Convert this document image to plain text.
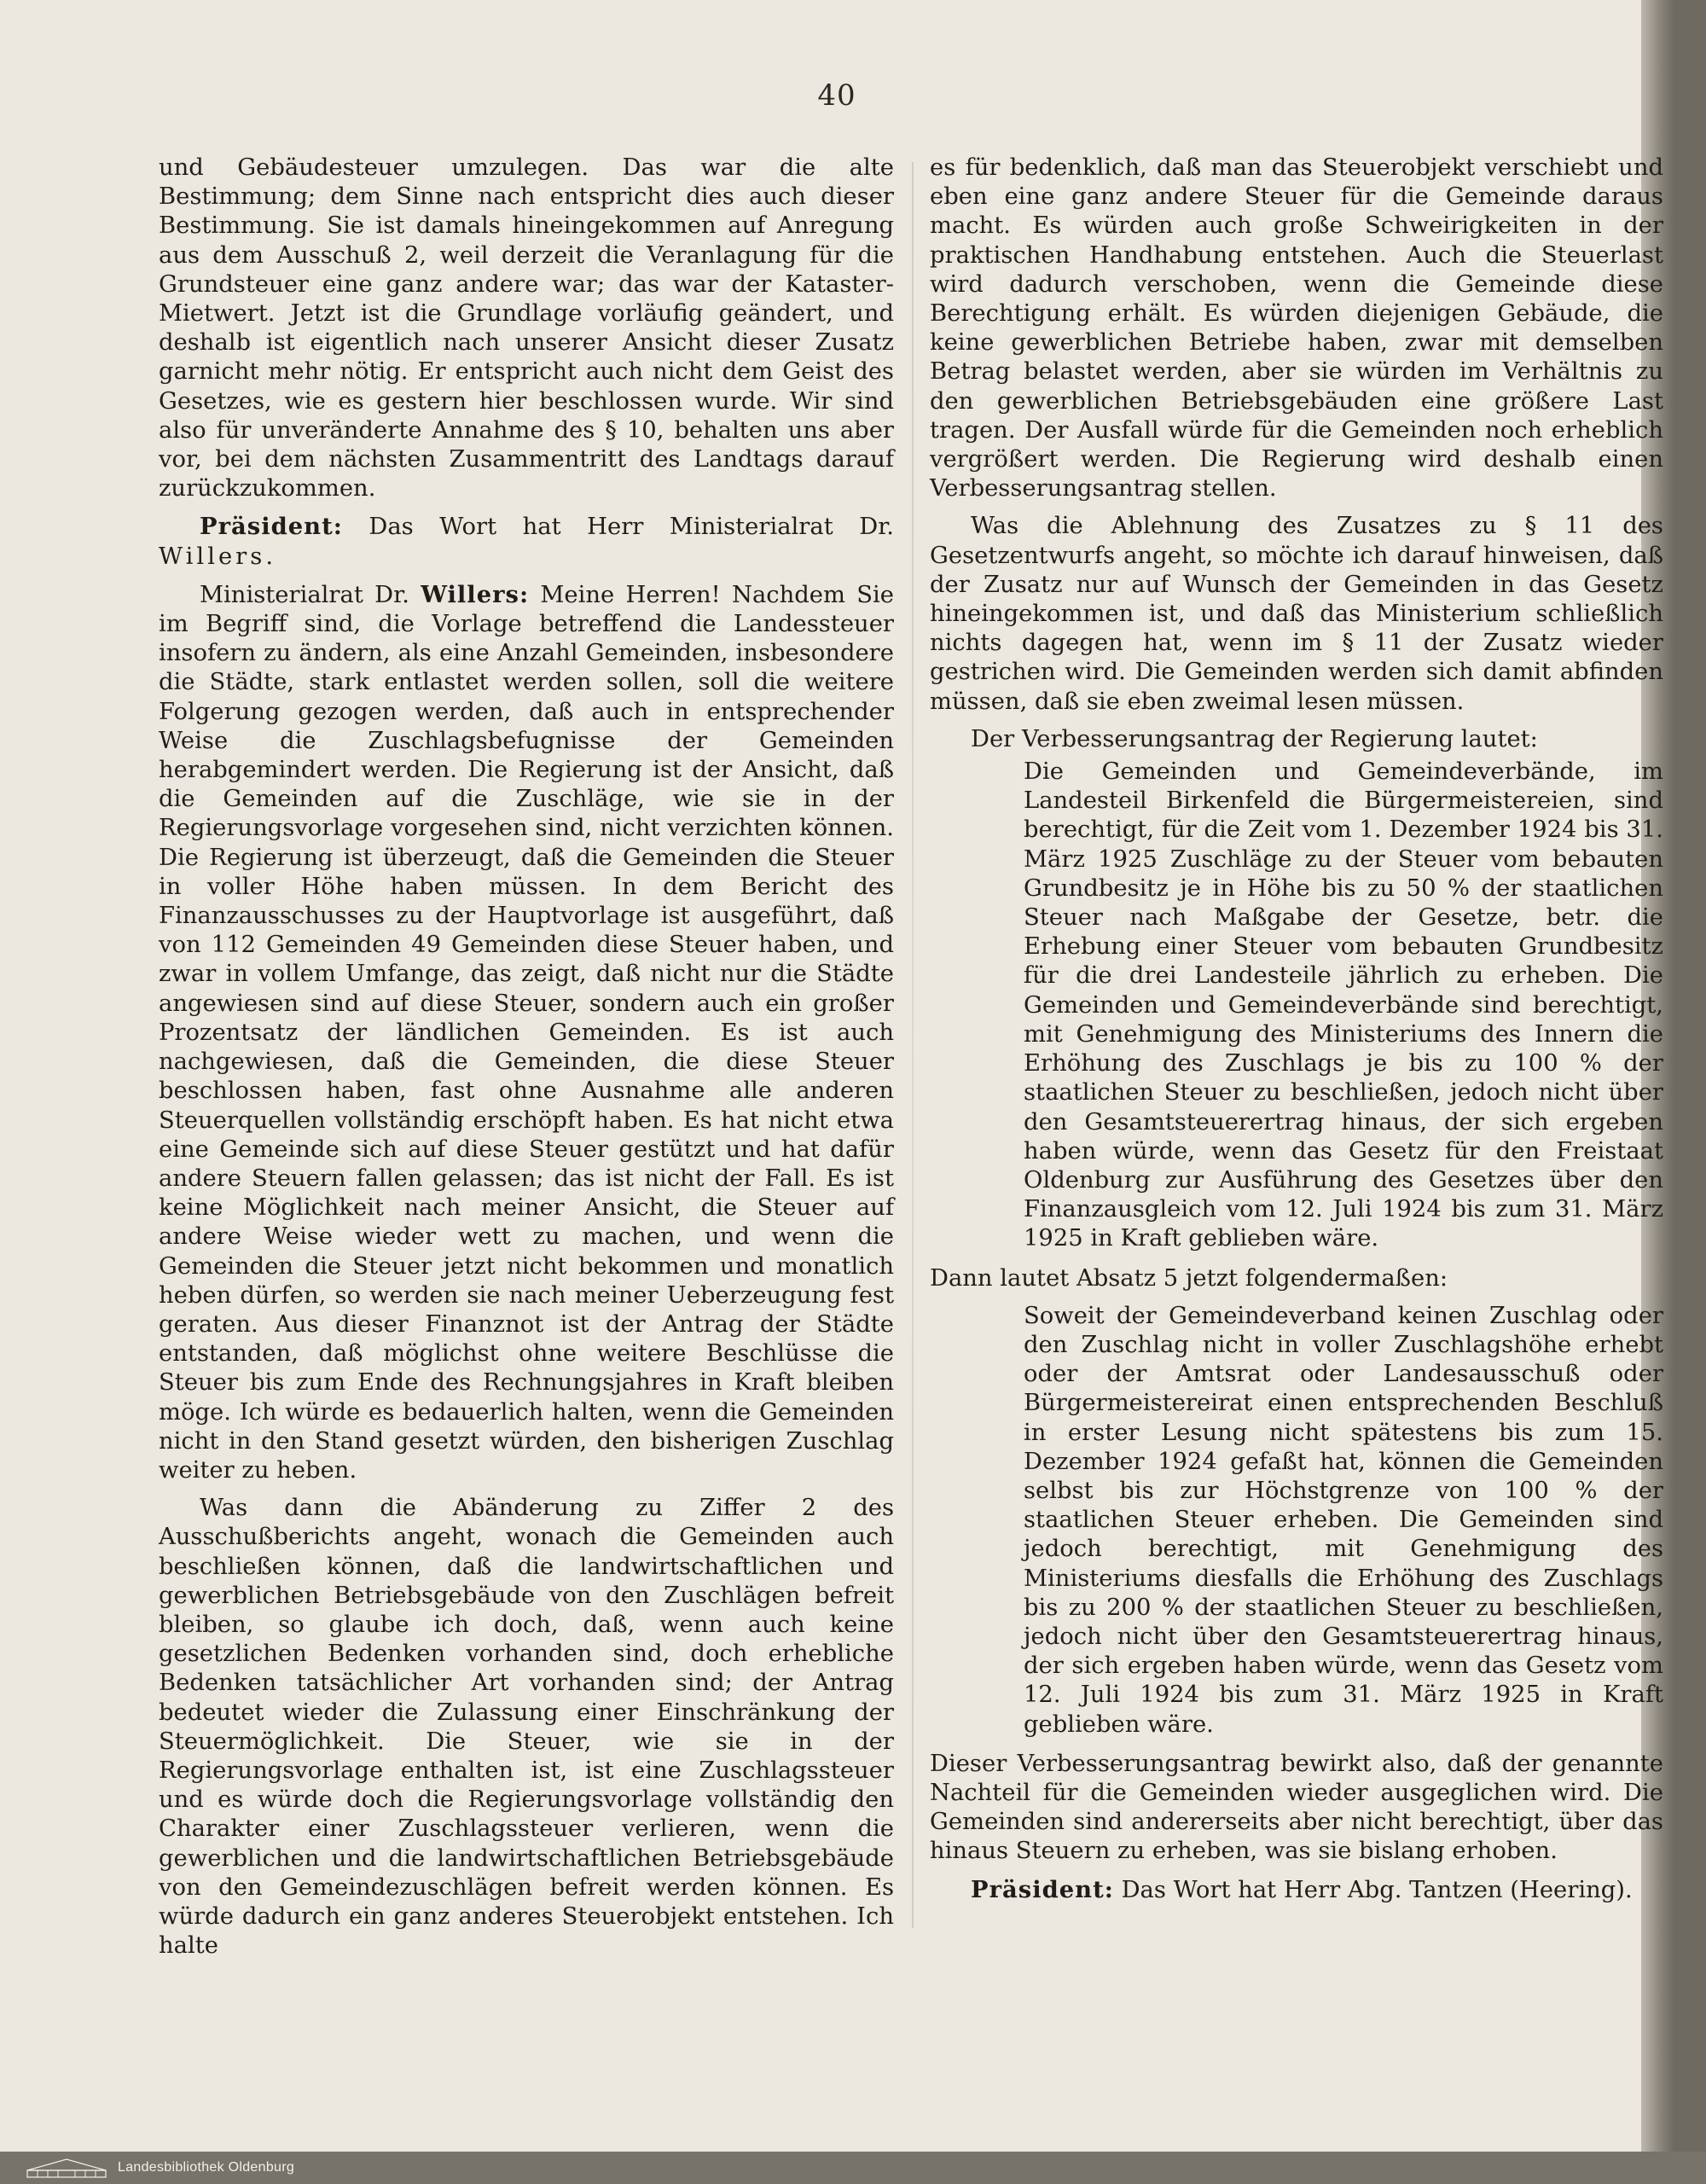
40

und Gebäudesteuer umzulegen. Das war die alte Bestimmung; dem Sinne nach entspricht dies auch dieser Bestimmung. Sie ist damals hineingekommen auf Anregung aus dem Ausschuß 2, weil derzeit die Veranlagung für die Grundsteuer eine ganz andere war; das war der Kataster-Mietwert. Jetzt ist die Grundlage vorläufig geändert, und deshalb ist eigentlich nach unserer Ansicht dieser Zusatz garnicht mehr nötig. Er entspricht auch nicht dem Geist des Gesetzes, wie es gestern hier beschlossen wurde. Wir sind also für unveränderte Annahme des § 10, behalten uns aber vor, bei dem nächsten Zusammentritt des Landtags darauf zurückzukommen.

Präsident: Das Wort hat Herr Ministerialrat Dr. Willers.

Ministerialrat Dr. Willers: Meine Herren! Nachdem Sie im Begriff sind, die Vorlage betreffend die Landessteuer insofern zu ändern, als eine Anzahl Gemeinden, insbesondere die Städte, stark entlastet werden sollen, soll die weitere Folgerung gezogen werden, daß auch in entsprechender Weise die Zuschlagsbefugnisse der Gemeinden herabgemindert werden. Die Regierung ist der Ansicht, daß die Gemeinden auf die Zuschläge, wie sie in der Regierungsvorlage vorgesehen sind, nicht verzichten können. Die Regierung ist überzeugt, daß die Gemeinden die Steuer in voller Höhe haben müssen. In dem Bericht des Finanzausschusses zu der Hauptvorlage ist ausgeführt, daß von 112 Gemeinden 49 Gemeinden diese Steuer haben, und zwar in vollem Umfange, das zeigt, daß nicht nur die Städte angewiesen sind auf diese Steuer, sondern auch ein großer Prozentsatz der ländlichen Gemeinden. Es ist auch nachgewiesen, daß die Gemeinden, die diese Steuer beschlossen haben, fast ohne Ausnahme alle anderen Steuerquellen vollständig erschöpft haben. Es hat nicht etwa eine Gemeinde sich auf diese Steuer gestützt und hat dafür andere Steuern fallen gelassen; das ist nicht der Fall. Es ist keine Möglichkeit nach meiner Ansicht, die Steuer auf andere Weise wieder wett zu machen, und wenn die Gemeinden die Steuer jetzt nicht bekommen und monatlich heben dürfen, so werden sie nach meiner Ueberzeugung fest geraten. Aus dieser Finanznot ist der Antrag der Städte entstanden, daß möglichst ohne weitere Beschlüsse die Steuer bis zum Ende des Rechnungsjahres in Kraft bleiben möge. Ich würde es bedauerlich halten, wenn die Gemeinden nicht in den Stand gesetzt würden, den bisherigen Zuschlag weiter zu heben.

Was dann die Abänderung zu Ziffer 2 des Ausschußberichts angeht, wonach die Gemeinden auch beschließen können, daß die landwirtschaftlichen und gewerblichen Betriebsgebäude von den Zuschlägen befreit bleiben, so glaube ich doch, daß, wenn auch keine gesetzlichen Bedenken vorhanden sind, doch erhebliche Bedenken tatsächlicher Art vorhanden sind; der Antrag bedeutet wieder die Zulassung einer Einschränkung der Steuermöglichkeit. Die Steuer, wie sie in der Regierungsvorlage enthalten ist, ist eine Zuschlagssteuer und es würde doch die Regierungsvorlage vollständig den Charakter einer Zuschlagssteuer verlieren, wenn die gewerblichen und die landwirtschaftlichen Betriebsgebäude von den Gemeindezuschlägen befreit werden können. Es würde dadurch ein ganz anderes Steuerobjekt entstehen. Ich halte

es für bedenklich, daß man das Steuerobjekt verschiebt und eben eine ganz andere Steuer für die Gemeinde daraus macht. Es würden auch große Schweirigkeiten in der praktischen Handhabung entstehen. Auch die Steuerlast wird dadurch verschoben, wenn die Gemeinde diese Berechtigung erhält. Es würden diejenigen Gebäude, die keine gewerblichen Betriebe haben, zwar mit demselben Betrag belastet werden, aber sie würden im Verhältnis zu den gewerblichen Betriebsgebäuden eine größere Last tragen. Der Ausfall würde für die Gemeinden noch erheblich vergrößert werden. Die Regierung wird deshalb einen Verbesserungsantrag stellen.

Was die Ablehnung des Zusatzes zu § 11 des Gesetzentwurfs angeht, so möchte ich darauf hinweisen, daß der Zusatz nur auf Wunsch der Gemeinden in das Gesetz hineingekommen ist, und daß das Ministerium schließlich nichts dagegen hat, wenn im § 11 der Zusatz wieder gestrichen wird. Die Gemeinden werden sich damit abfinden müssen, daß sie eben zweimal lesen müssen.

Der Verbesserungsantrag der Regierung lautet:

Die Gemeinden und Gemeindeverbände, im Landesteil Birkenfeld die Bürgermeistereien, sind berechtigt, für die Zeit vom 1. Dezember 1924 bis 31. März 1925 Zuschläge zu der Steuer vom bebauten Grundbesitz je in Höhe bis zu 50 % der staatlichen Steuer nach Maßgabe der Gesetze, betr. die Erhebung einer Steuer vom bebauten Grundbesitz für die drei Landesteile jährlich zu erheben. Die Gemeinden und Gemeindeverbände sind berechtigt, mit Genehmigung des Ministeriums des Innern die Erhöhung des Zuschlags je bis zu 100 % der staatlichen Steuer zu beschließen, jedoch nicht über den Gesamtsteuerertrag hinaus, der sich ergeben haben würde, wenn das Gesetz für den Freistaat Oldenburg zur Ausführung des Gesetzes über den Finanzausgleich vom 12. Juli 1924 bis zum 31. März 1925 in Kraft geblieben wäre.

Dann lautet Absatz 5 jetzt folgendermaßen:

Soweit der Gemeindeverband keinen Zuschlag oder den Zuschlag nicht in voller Zuschlagshöhe erhebt oder der Amtsrat oder Landesausschuß oder Bürgermeistereirat einen entsprechenden Beschluß in erster Lesung nicht spätestens bis zum 15. Dezember 1924 gefaßt hat, können die Gemeinden selbst bis zur Höchstgrenze von 100 % der staatlichen Steuer erheben. Die Gemeinden sind jedoch berechtigt, mit Genehmigung des Ministeriums diesfalls die Erhöhung des Zuschlags bis zu 200 % der staatlichen Steuer zu beschließen, jedoch nicht über den Gesamtsteuerertrag hinaus, der sich ergeben haben würde, wenn das Gesetz vom 12. Juli 1924 bis zum 31. März 1925 in Kraft geblieben wäre.

Dieser Verbesserungsantrag bewirkt also, daß der genannte Nachteil für die Gemeinden wieder ausgeglichen wird. Die Gemeinden sind andererseits aber nicht berechtigt, über das hinaus Steuern zu erheben, was sie bislang erhoben.

Präsident: Das Wort hat Herr Abg. Tantzen (Heering).

Landesbibliothek Oldenburg
